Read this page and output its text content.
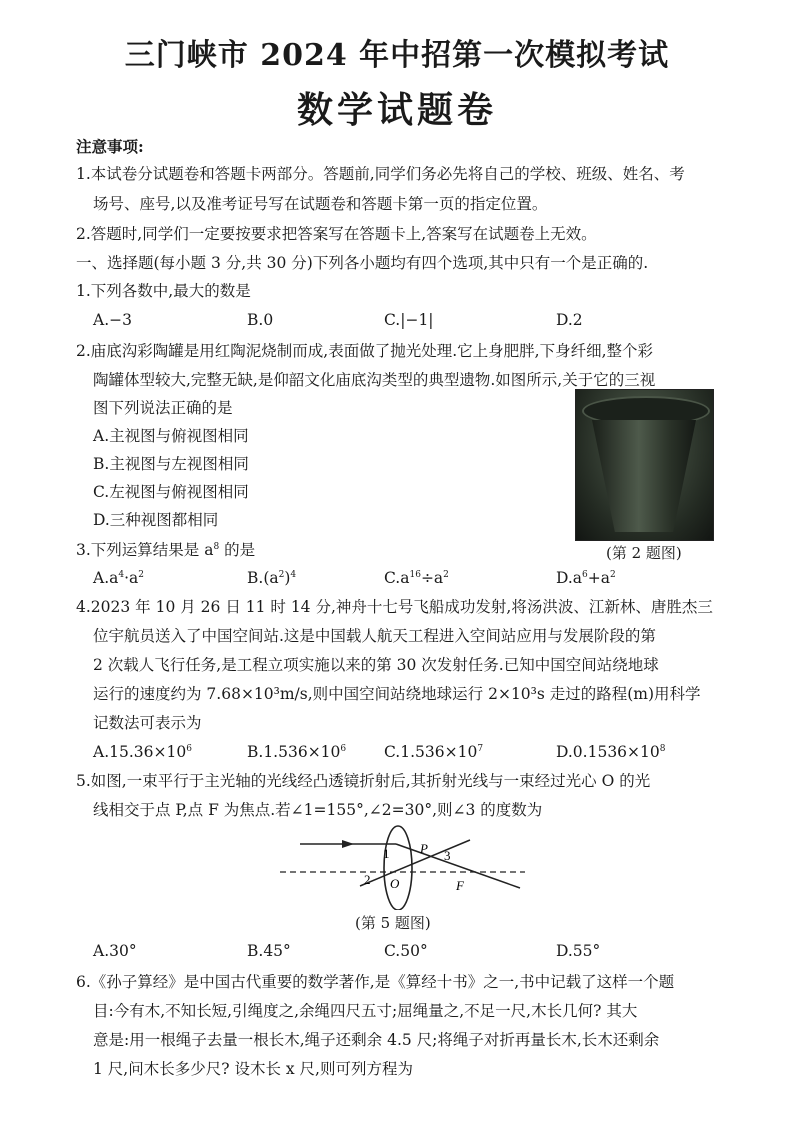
三门峡市 2024 年中招第一次模拟考试
数学试题卷
注意事项:
1.本试卷分试题卷和答题卡两部分。答题前,同学们务必先将自己的学校、班级、姓名、考
场号、座号,以及准考证号写在试题卷和答题卡第一页的指定位置。
2.答题时,同学们一定要按要求把答案写在答题卡上,答案写在试题卷上无效。
一、选择题(每小题 3 分,共 30 分)下列各小题均有四个选项,其中只有一个是正确的.
1.下列各数中,最大的数是
A.−3	B.0	C.|−1|	D.2
2.庙底沟彩陶罐是用红陶泥烧制而成,表面做了抛光处理.它上身肥胖,下身纤细,整个彩
陶罐体型较大,完整无缺,是仰韶文化庙底沟类型的典型遗物.如图所示,关于它的三视
图下列说法正确的是
A.主视图与俯视图相同
B.主视图与左视图相同
C.左视图与俯视图相同
D.三种视图都相同
(第 2 题图)
3.下列运算结果是 $a^8$ 的是
$A.a^4\cdot a^2$	$B.(a^2)^4$	$C.a^{16}\div a^2$	$D.a^6+a^2$
4.2023 年 10 月 26 日 11 时 14 分,神舟十七号飞船成功发射,将汤洪波、江新林、唐胜杰三
位宇航员送入了中国空间站.这是中国载人航天工程进入空间站应用与发展阶段的第
2 次载人飞行任务,是工程立项实施以来的第 30 次发射任务.已知中国空间站绕地球
运行的速度约为 7.68×10³m/s,则中国空间站绕地球运行 2×10³s 走过的路程(m)用科学
记数法可表示为
$A.15.36\times 10^6$	$B.1.536\times 10^6$ $C.1.536\times 10^7$	$D.0.1536\times 10^8$
5.如图,一束平行于主光轴的光线经凸透镜折射后,其折射光线与一束经过光心 O 的光
线相交于点 P,点 F 为焦点.若∠1=155°,∠2=30°,则∠3 的度数为
1
2
3
P
O	F
(第 5 题图)
A.30°	B.45°	C.50°	D.55°
6.《孙子算经》是中国古代重要的数学著作,是《算经十书》之一,书中记载了这样一个题
目:今有木,不知长短,引绳度之,余绳四尺五寸;屈绳量之,不足一尺,木长几何? 其大
意是:用一根绳子去量一根长木,绳子还剩余 4.5 尺;将绳子对折再量长木,长木还剩余
1 尺,问木长多少尺? 设木长 x 尺,则可列方程为
